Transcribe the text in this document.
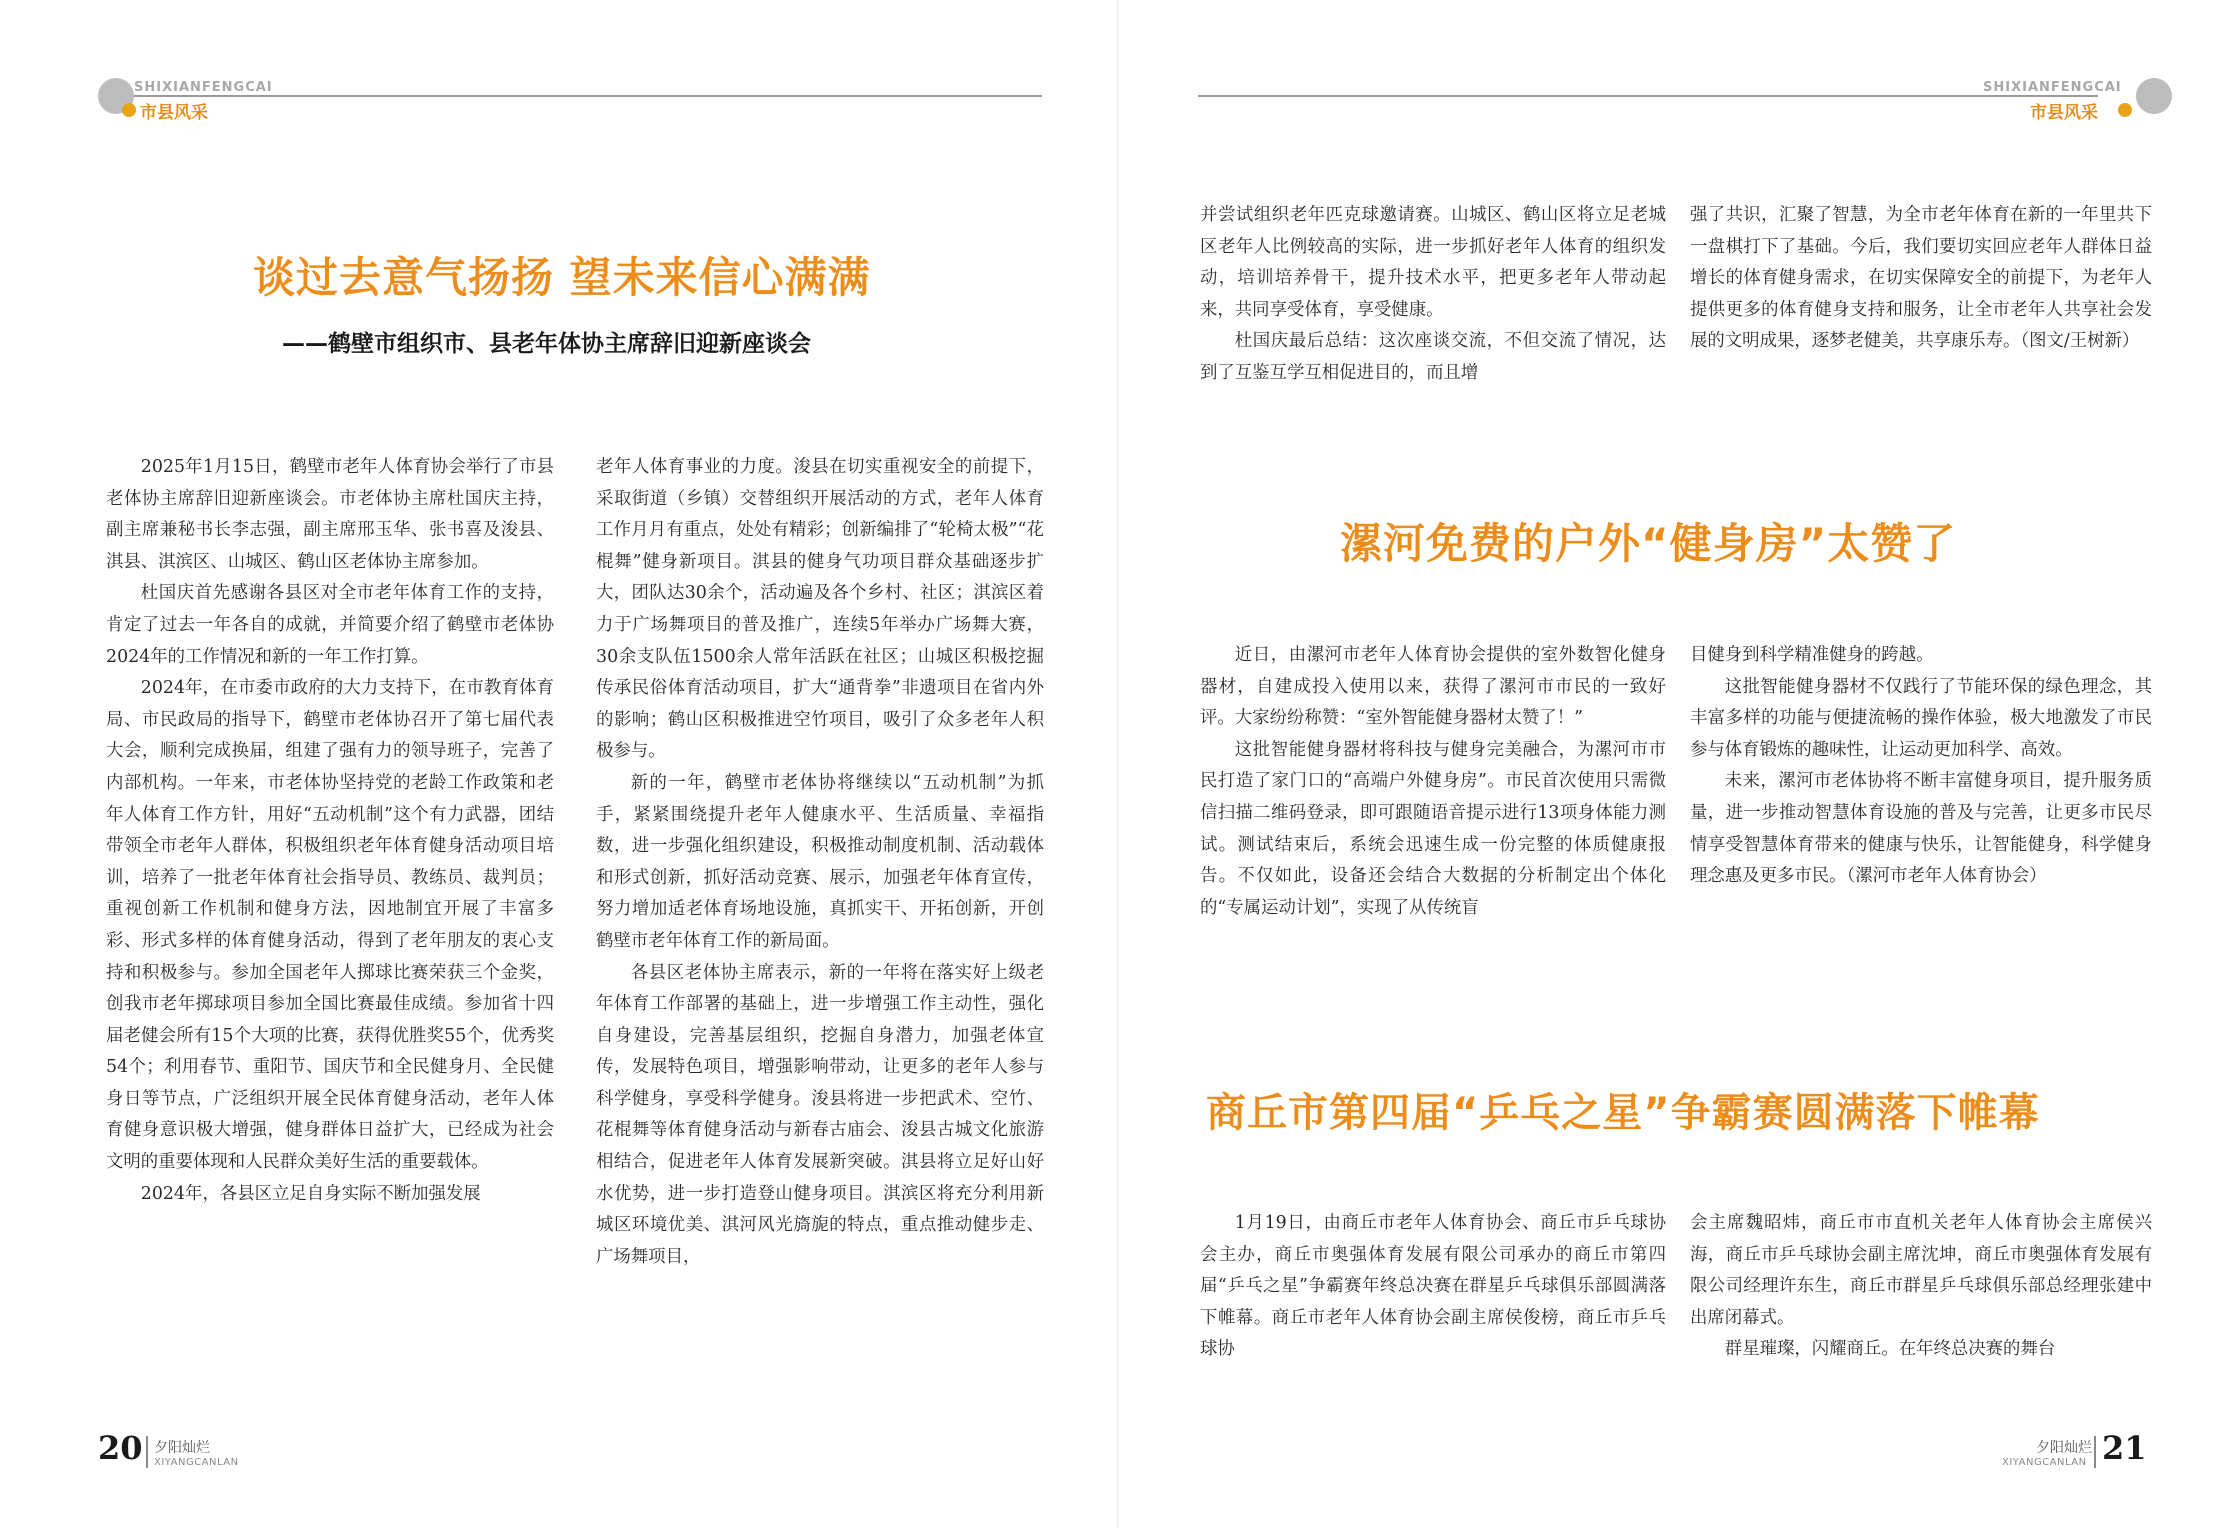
SHIXIANFENGCAI
市县风采
谈过去意气扬扬 望未来信心满满
——鹤壁市组织市、县老年体协主席辞旧迎新座谈会

2025年1月15日，鹤壁市老年人体育协会举行了市县老体协主席辞旧迎新座谈会。市老体协主席杜国庆主持，副主席兼秘书长李志强，副主席邢玉华、张书喜及浚县、淇县、淇滨区、山城区、鹤山区老体协主席参加。

杜国庆首先感谢各县区对全市老年体育工作的支持，肯定了过去一年各自的成就，并简要介绍了鹤壁市老体协2024年的工作情况和新的一年工作打算。

2024年，在市委市政府的大力支持下，在市教育体育局、市民政局的指导下，鹤壁市老体协召开了第七届代表大会，顺利完成换届，组建了强有力的领导班子，完善了内部机构。一年来，市老体协坚持党的老龄工作政策和老年人体育工作方针，用好“五动机制”这个有力武器，团结带领全市老年人群体，积极组织老年体育健身活动项目培训，培养了一批老年体育社会指导员、教练员、裁判员；重视创新工作机制和健身方法，因地制宜开展了丰富多彩、形式多样的体育健身活动，得到了老年朋友的衷心支持和积极参与。参加全国老年人掷球比赛荣获三个金奖，创我市老年掷球项目参加全国比赛最佳成绩。参加省十四届老健会所有15个大项的比赛，获得优胜奖55个，优秀奖54个；利用春节、重阳节、国庆节和全民健身月、全民健身日等节点，广泛组织开展全民体育健身活动，老年人体育健身意识极大增强，健身群体日益扩大，已经成为社会文明的重要体现和人民群众美好生活的重要载体。

2024年，各县区立足自身实际不断加强发展

老年人体育事业的力度。浚县在切实重视安全的前提下，采取街道（乡镇）交替组织开展活动的方式，老年人体育工作月月有重点，处处有精彩；创新编排了“轮椅太极”“花棍舞”健身新项目。淇县的健身气功项目群众基础逐步扩大，团队达30余个，活动遍及各个乡村、社区；淇滨区着力于广场舞项目的普及推广，连续5年举办广场舞大赛，30余支队伍1500余人常年活跃在社区；山城区积极挖掘传承民俗体育活动项目，扩大“通背拳”非遗项目在省内外的影响；鹤山区积极推进空竹项目，吸引了众多老年人积极参与。

新的一年，鹤壁市老体协将继续以“五动机制”为抓手，紧紧围绕提升老年人健康水平、生活质量、幸福指数，进一步强化组织建设，积极推动制度机制、活动载体和形式创新，抓好活动竞赛、展示，加强老年体育宣传，努力增加适老体育场地设施，真抓实干、开拓创新，开创鹤壁市老年体育工作的新局面。

各县区老体协主席表示，新的一年将在落实好上级老年体育工作部署的基础上，进一步增强工作主动性，强化自身建设，完善基层组织，挖掘自身潜力，加强老体宣传，发展特色项目，增强影响带动，让更多的老年人参与科学健身，享受科学健身。浚县将进一步把武术、空竹、花棍舞等体育健身活动与新春古庙会、浚县古城文化旅游相结合，促进老年人体育发展新突破。淇县将立足好山好水优势，进一步打造登山健身项目。淇滨区将充分利用新城区环境优美、淇河风光旖旎的特点，重点推动健步走、广场舞项目，

20 夕阳灿烂
XIYANGCANLAN
SHIXIANFENGCAI
市县风采

并尝试组织老年匹克球邀请赛。山城区、鹤山区将立足老城区老年人比例较高的实际，进一步抓好老年人体育的组织发动，培训培养骨干，提升技术水平，把更多老年人带动起来，共同享受体育，享受健康。

杜国庆最后总结：这次座谈交流，不但交流了情况，达到了互鉴互学互相促进目的，而且增

强了共识，汇聚了智慧，为全市老年体育在新的一年里共下一盘棋打下了基础。今后，我们要切实回应老年人群体日益增长的体育健身需求，在切实保障安全的前提下，为老年人提供更多的体育健身支持和服务，让全市老年人共享社会发展的文明成果，逐梦老健美，共享康乐寿。（图文/王树新）

漯河免费的户外“健身房”太赞了

近日，由漯河市老年人体育协会提供的室外数智化健身器材，自建成投入使用以来，获得了漯河市市民的一致好评。大家纷纷称赞：“室外智能健身器材太赞了！”

这批智能健身器材将科技与健身完美融合，为漯河市市民打造了家门口的“高端户外健身房”。市民首次使用只需微信扫描二维码登录，即可跟随语音提示进行13项身体能力测试。测试结束后，系统会迅速生成一份完整的体质健康报告。不仅如此，设备还会结合大数据的分析制定出个体化的“专属运动计划”，实现了从传统盲

目健身到科学精准健身的跨越。

这批智能健身器材不仅践行了节能环保的绿色理念，其丰富多样的功能与便捷流畅的操作体验，极大地激发了市民参与体育锻炼的趣味性，让运动更加科学、高效。

未来，漯河市老体协将不断丰富健身项目，提升服务质量，进一步推动智慧体育设施的普及与完善，让更多市民尽情享受智慧体育带来的健康与快乐，让智能健身，科学健身理念惠及更多市民。（漯河市老年人体育协会）

商丘市第四届“乒乓之星”争霸赛圆满落下帷幕

1月19日，由商丘市老年人体育协会、商丘市乒乓球协会主办，商丘市奥强体育发展有限公司承办的商丘市第四届“乒乓之星”争霸赛年终总决赛在群星乒乓球俱乐部圆满落下帷幕。商丘市老年人体育协会副主席侯俊榜，商丘市乒乓球协

会主席魏昭炜，商丘市市直机关老年人体育协会主席侯兴海，商丘市乒乓球协会副主席沈坤，商丘市奥强体育发展有限公司经理许东生，商丘市群星乒乓球俱乐部总经理张建中出席闭幕式。

群星璀璨，闪耀商丘。在年终总决赛的舞台

夕阳灿烂
XIYANGCANLAN 21
